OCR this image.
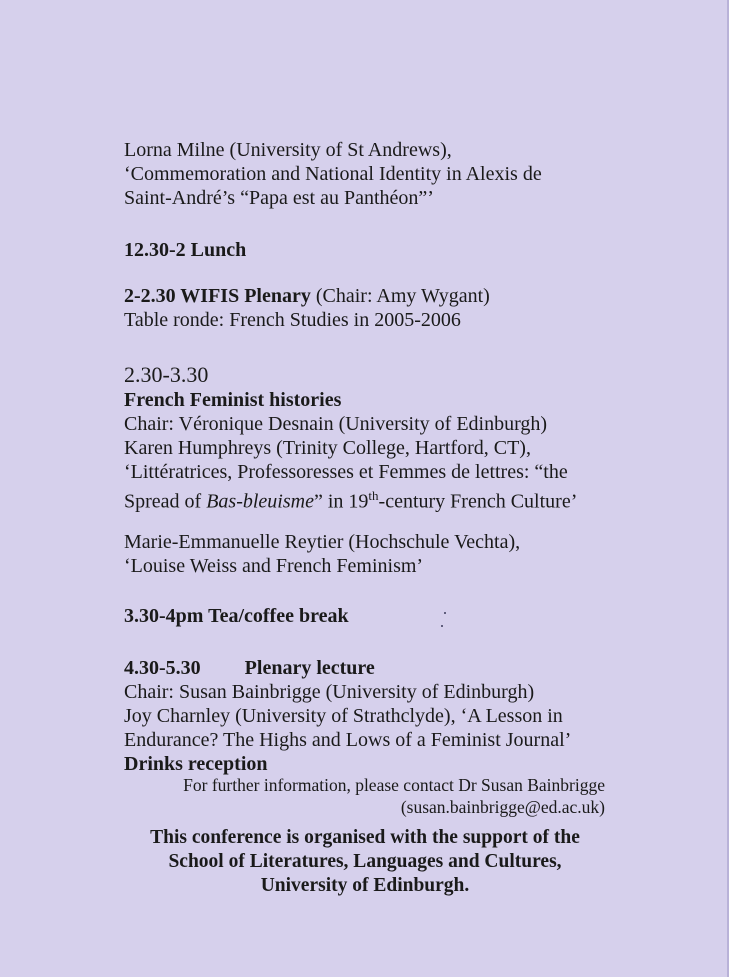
Lorna Milne (University of St Andrews),
‘Commemoration and National Identity in Alexis de
Saint-André’s “Papa est au Panthéon”’
12.30-2 Lunch
2-2.30 WIFIS Plenary (Chair: Amy Wygant)
Table ronde: French Studies in 2005-2006
2.30-3.30
French Feminist histories
Chair: Véronique Desnain (University of Edinburgh)
Karen Humphreys (Trinity College, Hartford, CT),
‘Littératrices, Professoresses et Femmes de lettres: “the
Spread of Bas-bleuisme” in 19th-century French Culture’
Marie-Emmanuelle Reytier (Hochschule Vechta),
‘Louise Weiss and French Feminism’
3.30-4pm Tea/coffee break
4.30-5.30 Plenary lecture
Chair: Susan Bainbrigge (University of Edinburgh)
Joy Charnley (University of Strathclyde), ‘A Lesson in
Endurance? The Highs and Lows of a Feminist Journal’
Drinks reception
For further information, please contact Dr Susan Bainbrigge
(susan.bainbrigge@ed.ac.uk)
This conference is organised with the support of the
School of Literatures, Languages and Cultures,
University of Edinburgh.
